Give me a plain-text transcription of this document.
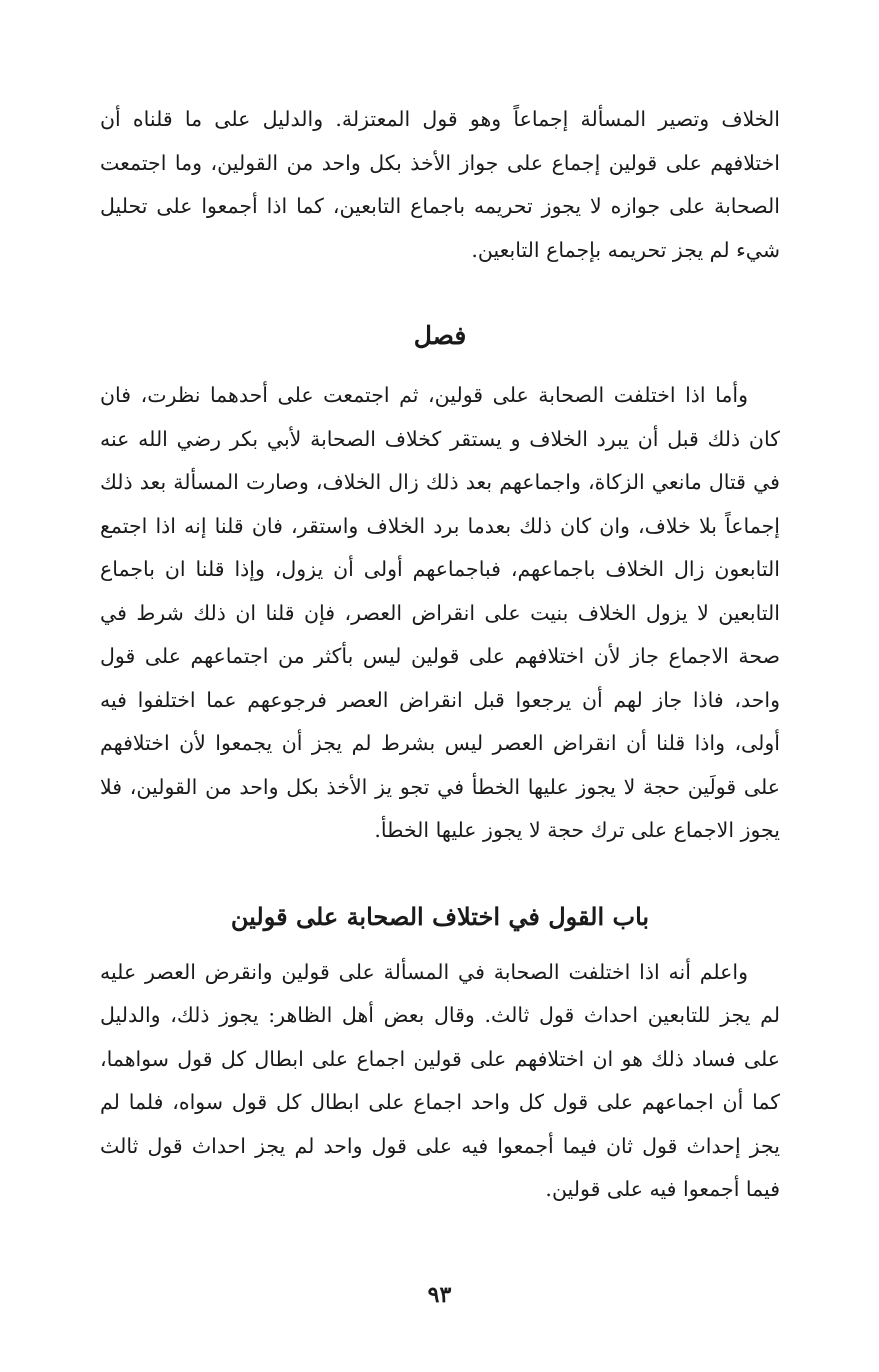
الخلاف وتصير المسألة إجماعاً وهو قول المعتزلة. والدليل على ما قلناه أن اختلافهم على قولين إجماع على جواز الأخذ بكل واحد من القولين، وما اجتمعت الصحابة على جوازه لا يجوز تحريمه باجماع التابعين، كما اذا أجمعوا على تحليل شيء لم يجز تحريمه بإجماع التابعين.

فصل

وأما اذا اختلفت الصحابة على قولين، ثم اجتمعت على أحدهما نظرت، فان كان ذلك قبل أن يبرد الخلاف و يستقر كخلاف الصحابة لأبي بكر رضي الله عنه في قتال مانعي الزكاة، واجماعهم بعد ذلك زال الخلاف، وصارت المسألة بعد ذلك إجماعاً بلا خلاف، وان كان ذلك بعدما برد الخلاف واستقر، فان قلنا إنه اذا اجتمع التابعون زال الخلاف باجماعهم، فباجماعهم أولى أن يزول، وإذا قلنا ان باجماع التابعين لا يزول الخلاف بنيت على انقراض العصر، فإن قلنا ان ذلك شرط في صحة الاجماع جاز لأن اختلافهم على قولين ليس بأكثر من اجتماعهم على قول واحد، فاذا جاز لهم أن يرجعوا قبل انقراض العصر فرجوعهم عما اختلفوا فيه أولى، واذا قلنا أن انقراض العصر ليس بشرط لم يجز أن يجمعوا لأن اختلافهم على قولَين حجة لا يجوز عليها الخطأ في تجو يز الأخذ بكل واحد من القولين، فلا يجوز الاجماع على ترك حجة لا يجوز عليها الخطأ.

باب القول في اختلاف الصحابة على قولين

واعلم أنه اذا اختلفت الصحابة في المسألة على قولين وانقرض العصر عليه لم يجز للتابعين احداث قول ثالث. وقال بعض أهل الظاهر: يجوز ذلك، والدليل على فساد ذلك هو ان اختلافهم على قولين اجماع على ابطال كل قول سواهما، كما أن اجماعهم على قول كل واحد اجماع على ابطال كل قول سواه، فلما لم يجز إحداث قول ثان فيما أجمعوا فيه على قول واحد لم يجز احداث قول ثالث فيما أجمعوا فيه على قولين.

٩٣
